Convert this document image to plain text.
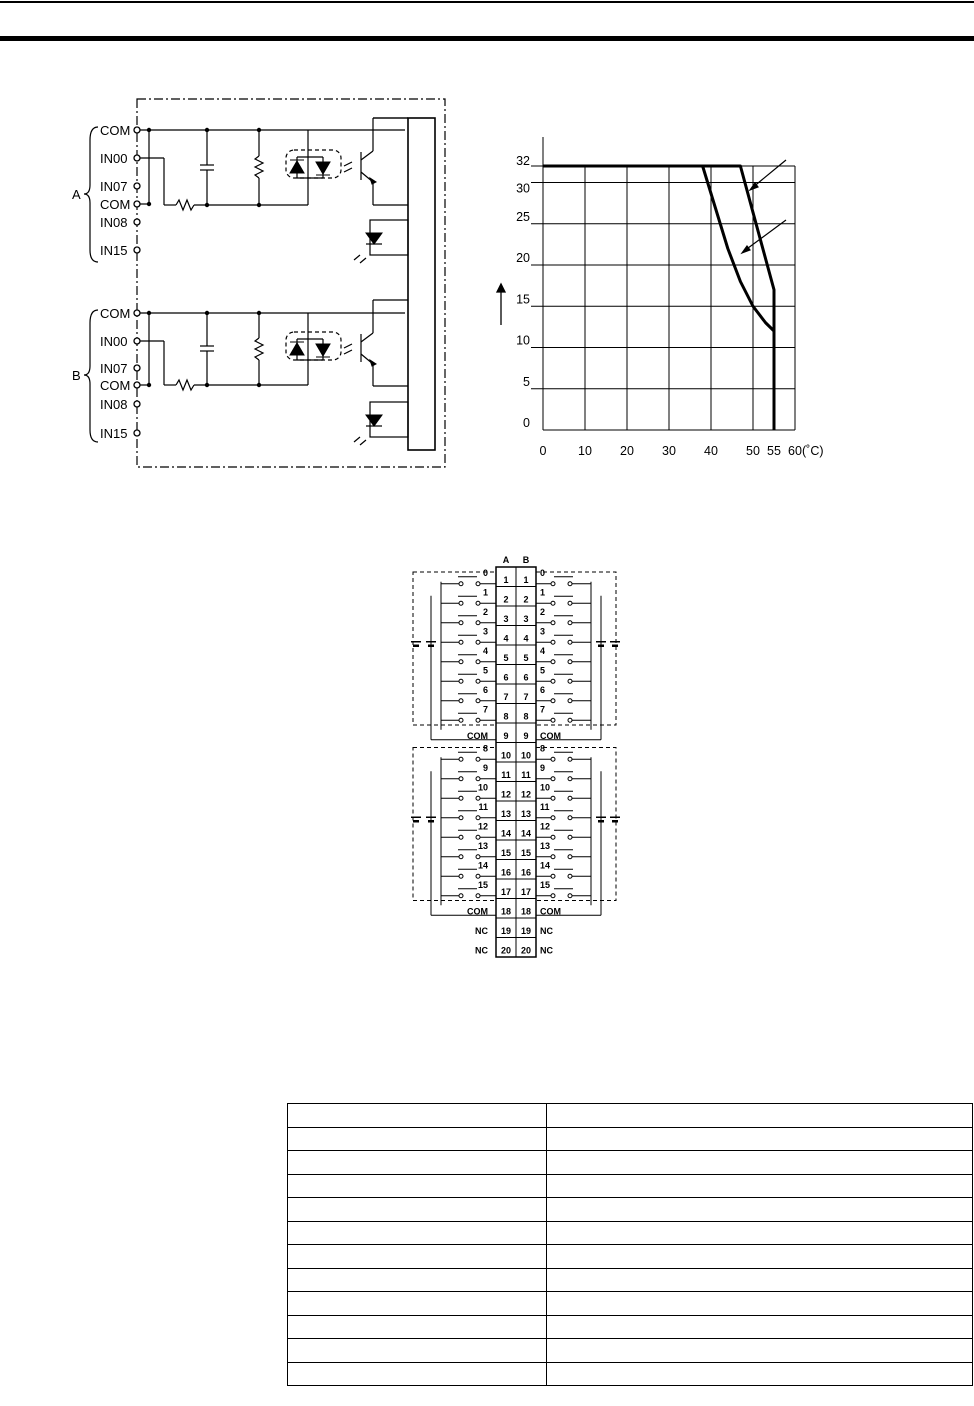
COM
IN00
IN07
COM
IN08
IN15
COM
IN00
IN07
COM
IN08
IN15
A
B
0	10 20 30 40 50 55 60
0
5
10
15
20
25
30
32
(˚C)
A B
1 1
2 2
3 3
4 4
5 5
6 6
7 7
8 8
9 9
10 10
11 11
12 12
13 13
14 14
15 15
16 16
17 17
18 18
19 19
20 20
0	0
1	1
2	2
3	3
4	4
5	5
6	6
7	7
COM	COM
8	8
9	9
10	10
11	11
12	12
13	13
14	14
15	15
COM	COM
NC	NC
NC	NC
